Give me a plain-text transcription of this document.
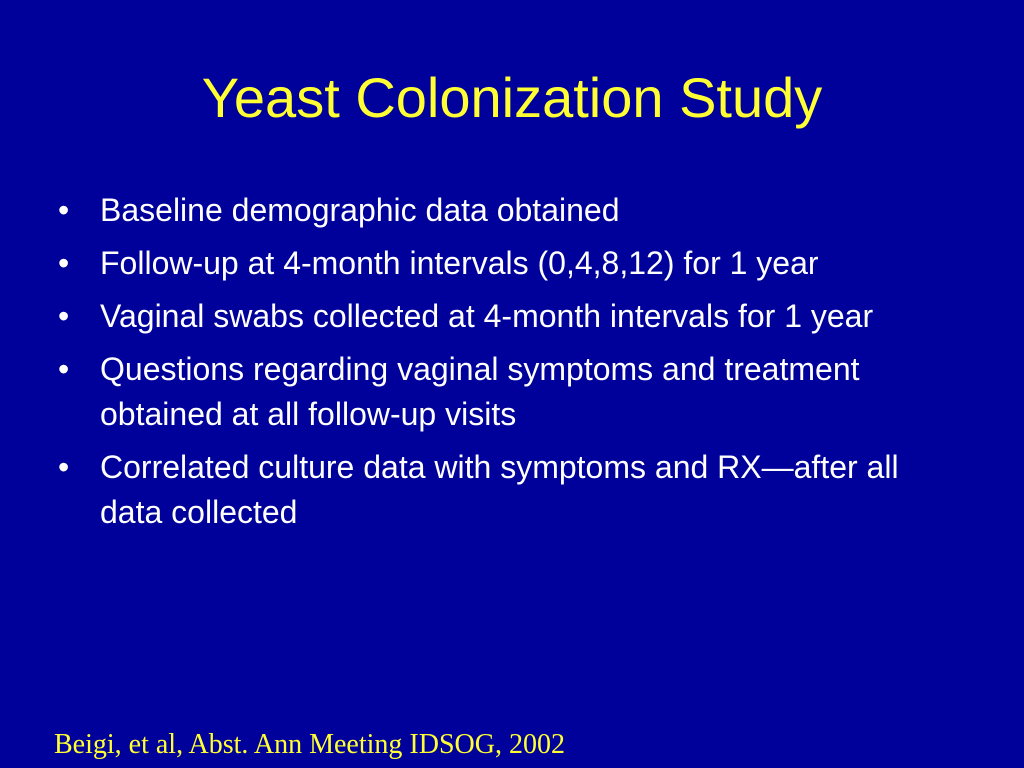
Yeast Colonization Study
• Baseline demographic data obtained
• Follow-up at 4-month intervals (0,4,8,12) for 1 year
• Vaginal swabs collected at 4-month intervals for 1 year
• Questions regarding vaginal symptoms and treatment obtained at all follow-up visits
• Correlated culture data with symptoms and RX—after all data collected
Beigi, et al, Abst. Ann Meeting IDSOG, 2002
